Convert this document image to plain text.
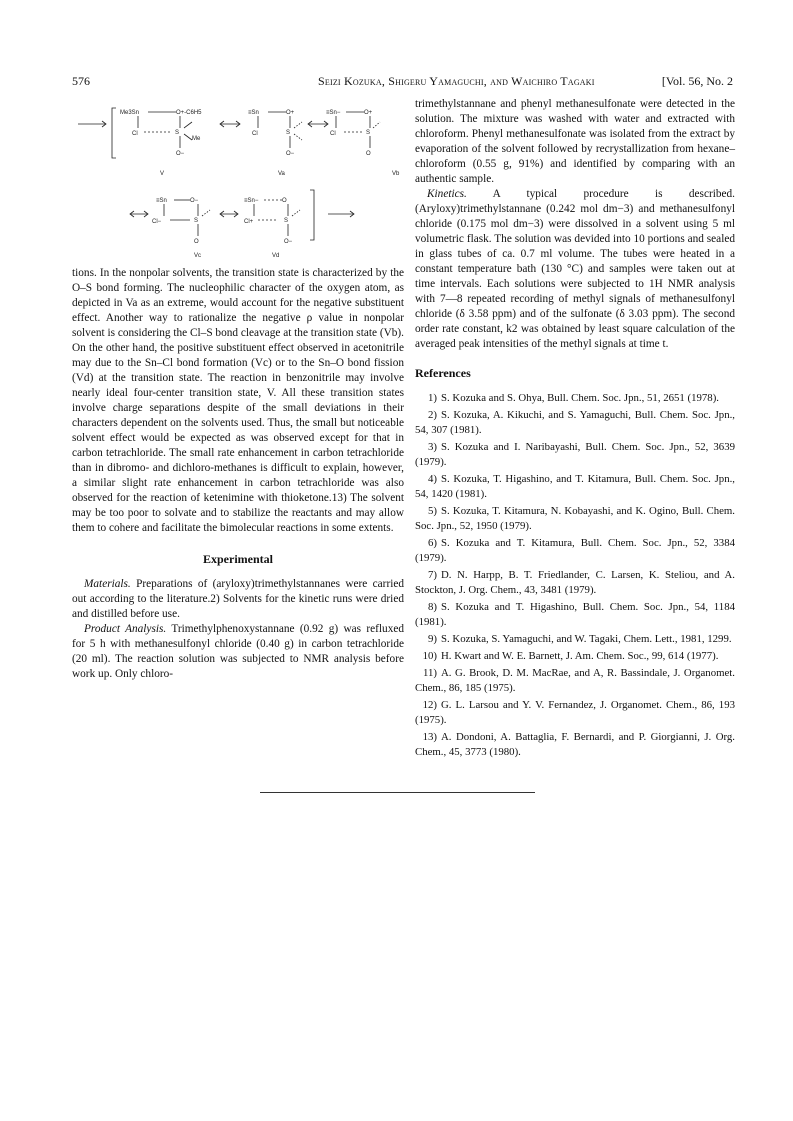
576	Seizi Kozuka, Shigeru Yamaguchi, and Waichiro Tagaki	[Vol. 56, No. 2
Me3Sn	O+-C6H5
Cl	S
Me
O−
V
≡Sn	O+
Cl	S
O−
Va
≡Sn−	O+
Cl	S
O
Vb
≡Sn	O−
Cl−	S
O
Vc
≡Sn−	O
Cl+	S
O−
Vd

tions. In the nonpolar solvents, the transition state is characterized by the O–S bond forming. The nucleophilic character of the oxygen atom, as depicted in Va as an extreme, would account for the negative substituent effect. Another way to rationalize the negative ρ value in nonpolar solvent is considering the Cl–S bond cleavage at the transition state (Vb). On the other hand, the positive substituent effect observed in acetonitrile may due to the Sn–Cl bond formation (Vc) or to the Sn–O bond fission (Vd) at the transition state. The reaction in benzonitrile may involve nearly ideal four-center transition state, V. All these transition states involve charge separations despite of the small deviations in their characters dependent on the solvents used. Thus, the small but noticeable solvent effect would be expected as was observed except for that in carbon tetrachloride. The small rate enhancement in carbon tetrachloride than in dibromo- and dichloro-methanes is difficult to explain, however, a similar slight rate enhancement in carbon tetrachloride was also observed for the reaction of ketenimine with thioketone.13) The solvent may be too poor to solvate and to stabilize the reactants and may allow them to cohere and facilitate the bimolecular reactions in some extents.

Experimental

Materials. Preparations of (aryloxy)trimethylstannanes were carried out according to the literature.2) Solvents for the kinetic runs were dried and distilled before use.

Product Analysis. Trimethylphenoxystannane (0.92 g) was refluxed for 5 h with methanesulfonyl chloride (0.40 g) in carbon tetrachloride (20 ml). The reaction solution was subjected to NMR analysis before work up. Only chloro-

trimethylstannane and phenyl methanesulfonate were detected in the solution. The mixture was washed with water and extracted with chloroform. Phenyl methanesulfonate was isolated from the extract by evaporation of the solvent followed by recrystallization from hexane–chloroform (0.55 g, 91%) and identified by comparing with an authentic sample.

Kinetics. A typical procedure is described. (Aryloxy)trimethylstannane (0.242 mol dm−3) and methanesulfonyl chloride (0.175 mol dm−3) were dissolved in a solvent using 5 ml volumetric flask. The solution was devided into 10 portions and sealed in glass tubes of ca. 0.7 ml volume. The tubes were heated in a constant temperature bath (130 °C) and samples were taken out at time intervals. Each solutions were subjected to 1H NMR analysis with 7—8 repeated recording of methyl signals of methanesulfonyl chloride (δ 3.58 ppm) and of the sulfonate (δ 3.03 ppm). The second order rate constant, k2 was obtained by least square calculation of the averaged peak intensities of the methyl signals at time t.

References
1) S. Kozuka and S. Ohya, Bull. Chem. Soc. Jpn., 51, 2651 (1978).
2) S. Kozuka, A. Kikuchi, and S. Yamaguchi, Bull. Chem. Soc. Jpn., 54, 307 (1981).
3) S. Kozuka and I. Naribayashi, Bull. Chem. Soc. Jpn., 52, 3639 (1979).
4) S. Kozuka, T. Higashino, and T. Kitamura, Bull. Chem. Soc. Jpn., 54, 1420 (1981).
5) S. Kozuka, T. Kitamura, N. Kobayashi, and K. Ogino, Bull. Chem. Soc. Jpn., 52, 1950 (1979).
6) S. Kozuka and T. Kitamura, Bull. Chem. Soc. Jpn., 52, 3384 (1979).
7) D. N. Harpp, B. T. Friedlander, C. Larsen, K. Steliou, and A. Stockton, J. Org. Chem., 43, 3481 (1979).
8) S. Kozuka and T. Higashino, Bull. Chem. Soc. Jpn., 54, 1184 (1981).
9) S. Kozuka, S. Yamaguchi, and W. Tagaki, Chem. Lett., 1981, 1299.
10) H. Kwart and W. E. Barnett, J. Am. Chem. Soc., 99, 614 (1977).
11) A. G. Brook, D. M. MacRae, and A, R. Bassindale, J. Organomet. Chem., 86, 185 (1975).
12) G. L. Larsou and Y. V. Fernandez, J. Organomet. Chem., 86, 193 (1975).
13) A. Dondoni, A. Battaglia, F. Bernardi, and P. Giorgianni, J. Org. Chem., 45, 3773 (1980).
